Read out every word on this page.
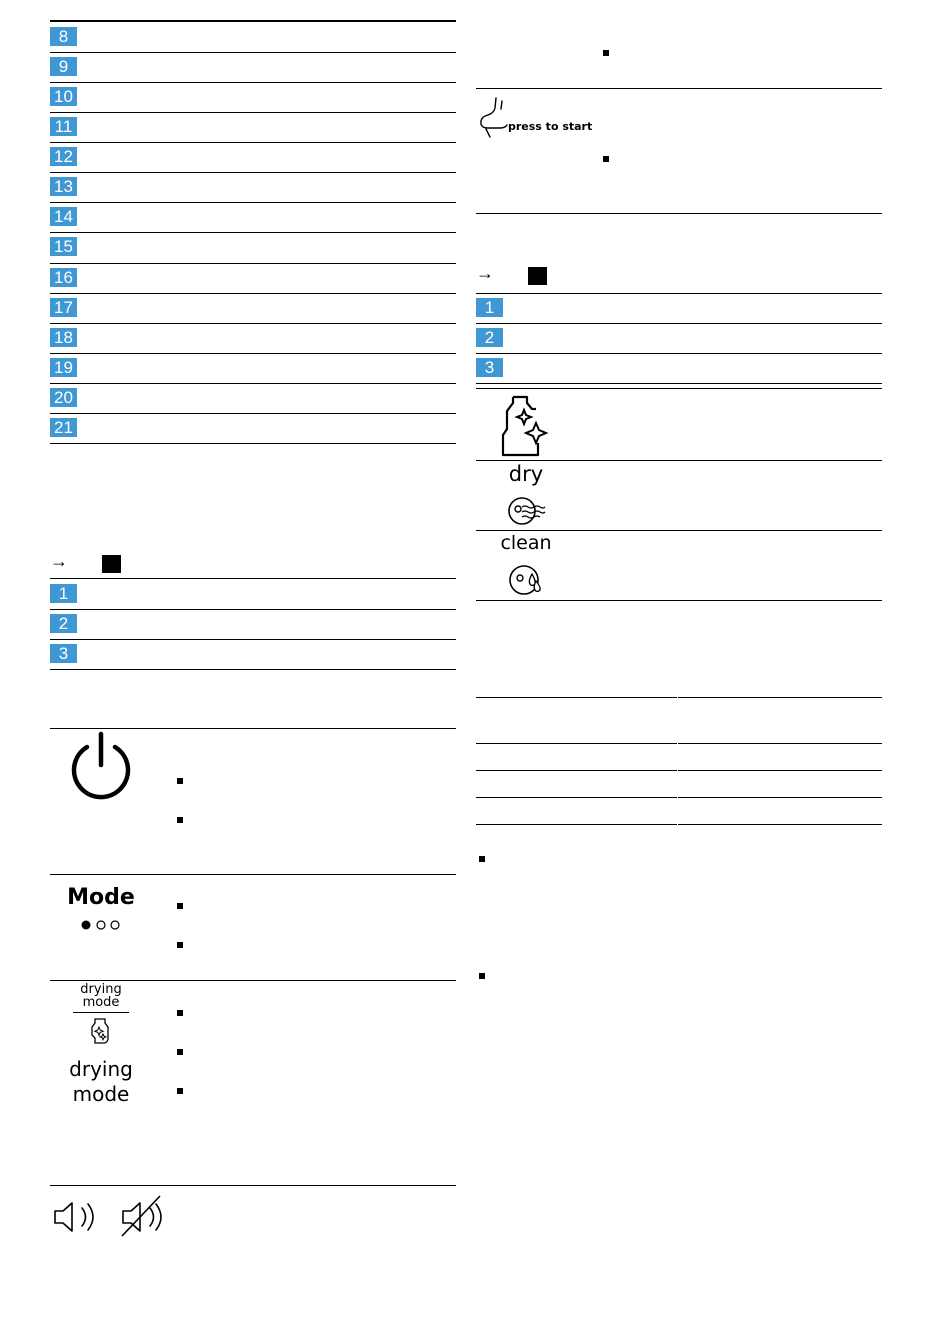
8
9
10
11
12
13
14
15
16
17
18
19
20
21
→
1
2
3
Mode
drying
mode
drying
mode
press to start
→
1
2
3
dry
clean
